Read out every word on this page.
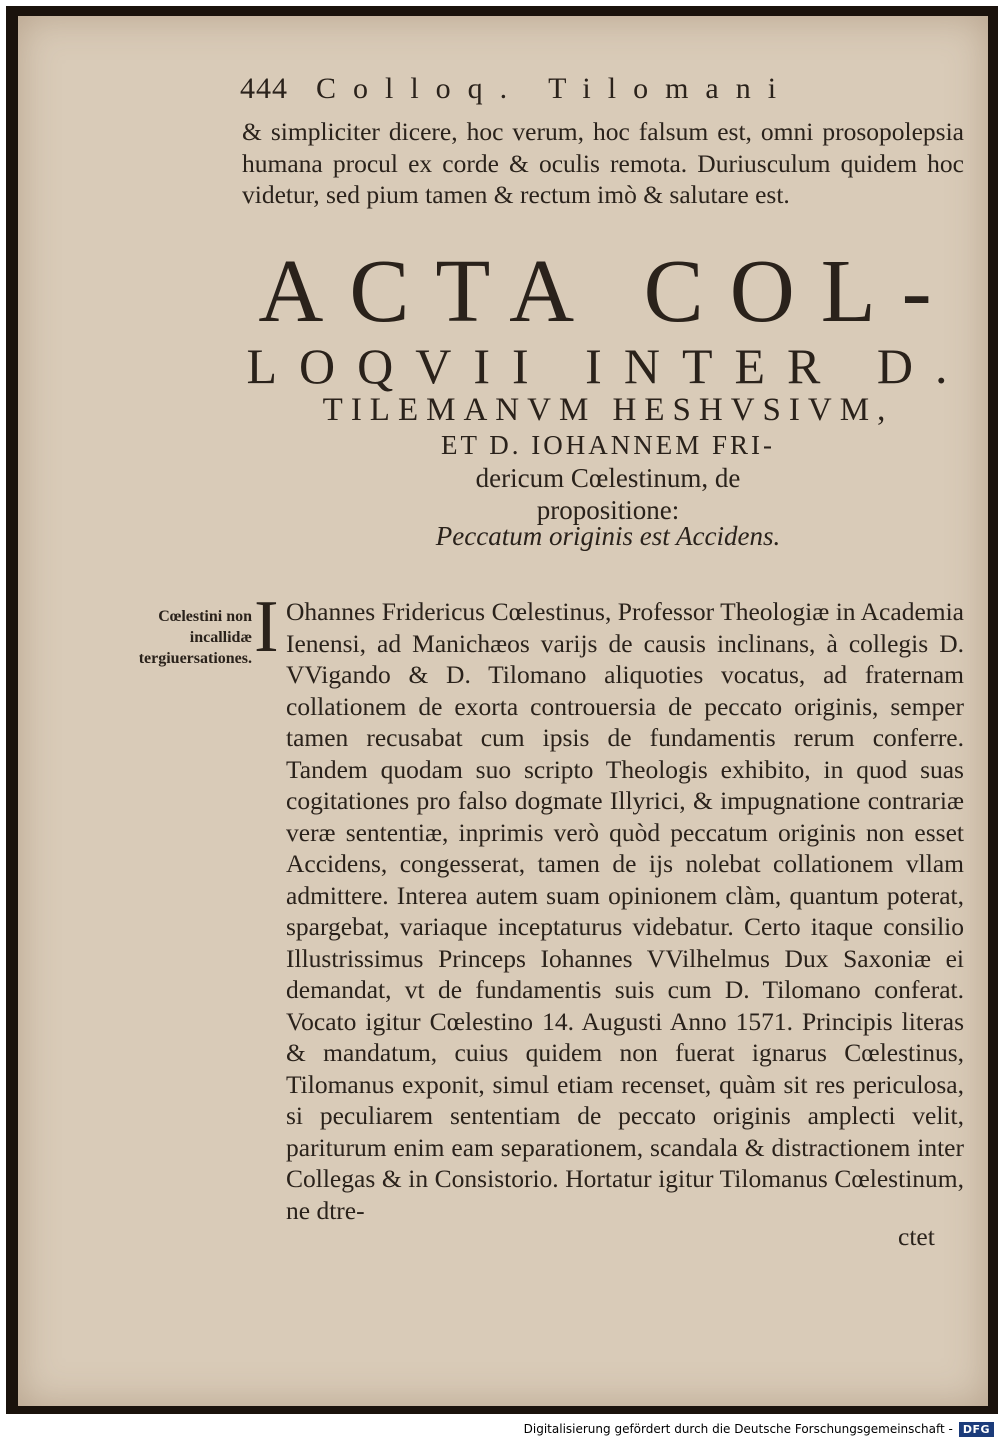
444 Colloq. Tilomani

& simpliciter dicere, hoc verum, hoc falsum est, omni prosopolepsia humana procul ex corde & oculis remota. Duriusculum quidem hoc videtur, sed pium tamen & rectum imò & salutare est.

ACTA COL-

LOQVII INTER D.

TILEMANVM HESHVSIVM,

ET D. IOHANNEM FRI-

dericum Cœlestinum, de

propositione:

Peccatum originis est Accidens.
Cœlestini non incallidæ tergiuersationes. I Ohannes Fridericus Cœlestinus, Professor Theologiæ in Academia Ienensi, ad Manichæos varijs de causis inclinans, à collegis D. VVigando & D. Tilomano aliquoties vocatus, ad fraternam collationem de exorta controuersia de peccato originis, semper tamen recusabat cum ipsis de fundamentis rerum conferre. Tandem quodam suo scripto Theologis exhibito, in quod suas cogitationes pro falso dogmate Illyrici, & impugnatione contrariæ veræ sententiæ, inprimis verò quòd peccatum originis non esset Accidens, congesserat, tamen de ijs nolebat collationem vllam admittere. Interea autem suam opinionem clàm, quantum poterat, spargebat, variaque inceptaturus videbatur. Certo itaque consilio Illustrissimus Princeps Iohannes VVilhelmus Dux Saxoniæ ei demandat, vt de fundamentis suis cum D. Tilomano conferat. Vocato igitur Cœlestino 14. Augusti Anno 1571. Principis literas & mandatum, cuius quidem non fuerat ignarus Cœlestinus, Tilomanus exponit, simul etiam recenset, quàm sit res periculosa, si peculiarem sententiam de peccato originis amplecti velit, pariturum enim eam separationem, scandala & distractionem inter Collegas & in Consistorio. Hortatur igitur Tilomanus Cœlestinum, ne dtre-

ctet
Digitalisierung gefördert durch die Deutsche Forschungsgemeinschaft - DFG
